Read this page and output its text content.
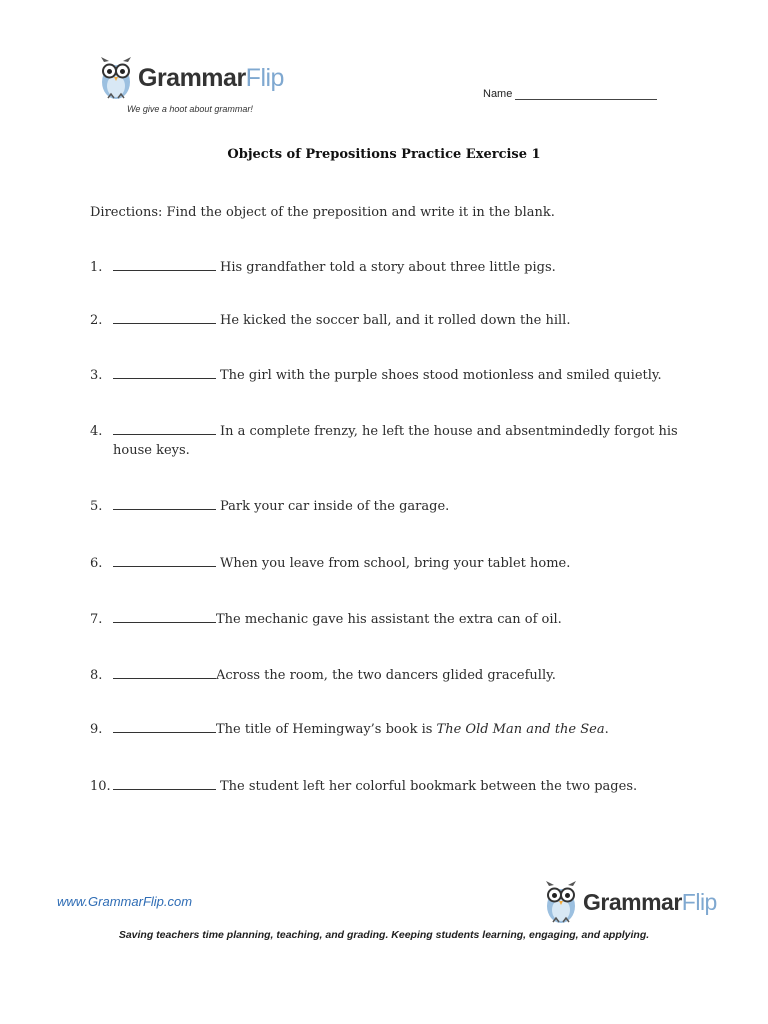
GrammarFlip
We give a hoot about grammar!
Name
Objects of Prepositions Practice Exercise 1
Directions: Find the object of the preposition and write it in the blank.
1.	His grandfather told a story about three little pigs.
2.	He kicked the soccer ball, and it rolled down the hill.
3.	The girl with the purple shoes stood motionless and smiled quietly.
4.	In a complete frenzy, he left the house and absentmindedly forgot his
house keys.
5.	Park your car inside of the garage.
6.	When you leave from school, bring your tablet home.
7.	The mechanic gave his assistant the extra can of oil.
8.	Across the room, the two dancers glided gracefully.
9.	The title of Hemingway’s book is The Old Man and the Sea.
10.	The student left her colorful bookmark between the two pages.
www.GrammarFlip.com	GrammarFlip
Saving teachers time planning, teaching, and grading. Keeping students learning, engaging, and applying.
